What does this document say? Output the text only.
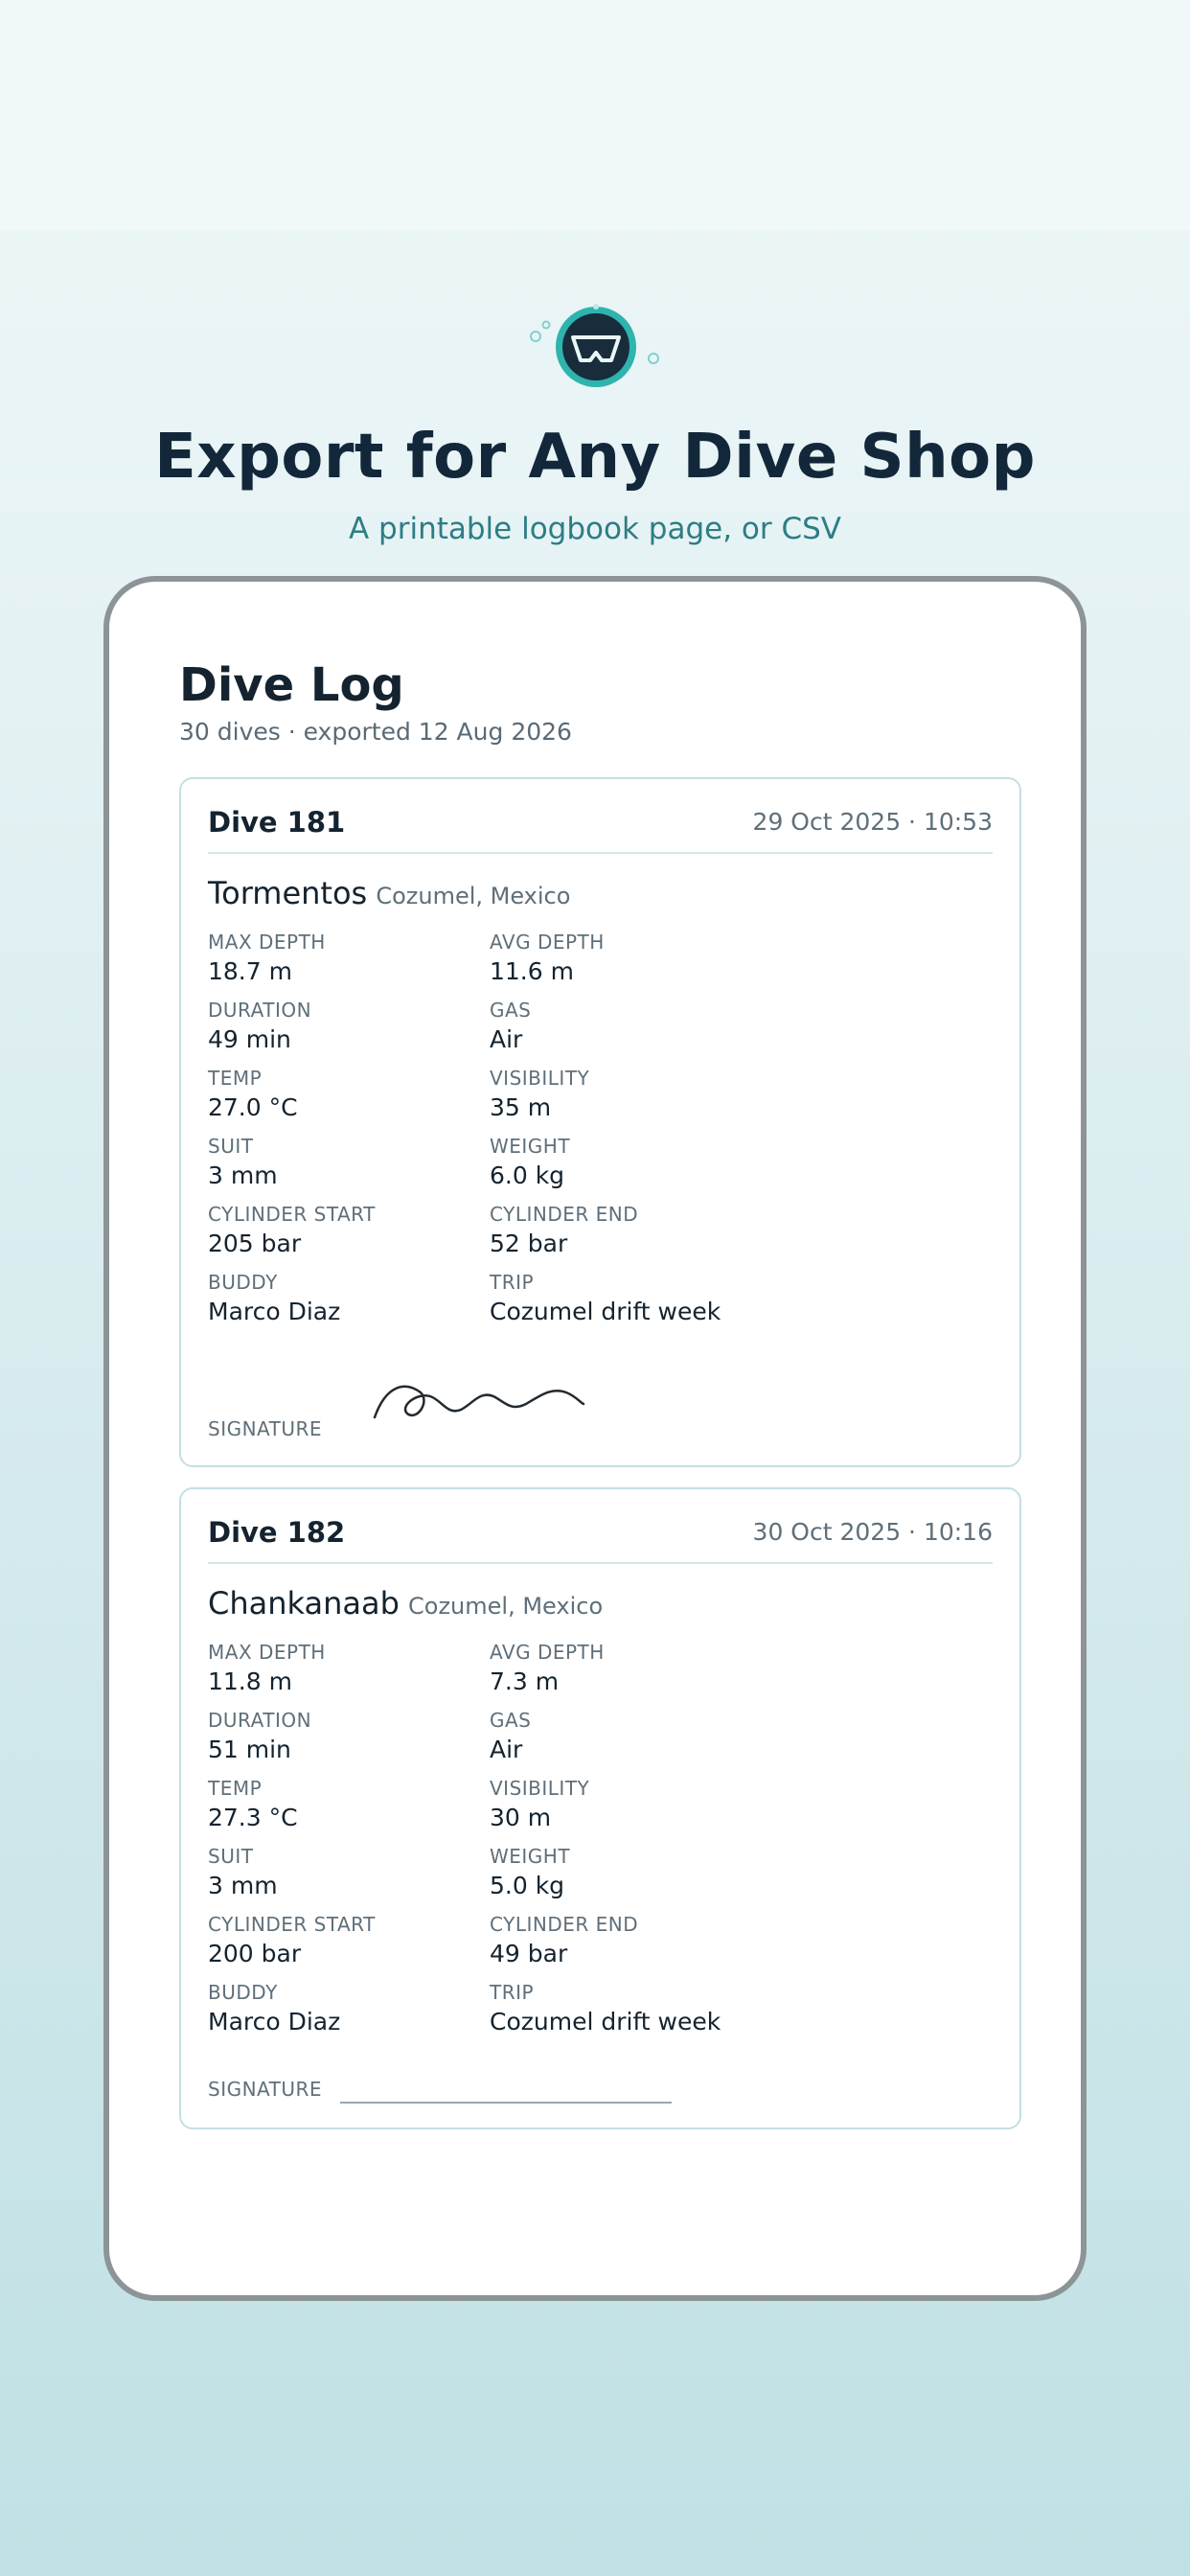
Export for Any Dive Shop
A printable logbook page, or CSV
Dive Log
30 dives · exported 12 Aug 2026
Dive 181	29 Oct 2025 · 10:53
Tormentos Cozumel, Mexico
MAX DEPTH
18.7 m
AVG DEPTH
11.6 m
DURATION
49 min
GAS
Air
TEMP
27.0 °C
VISIBILITY
35 m
SUIT
3 mm
WEIGHT
6.0 kg
CYLINDER START
205 bar
CYLINDER END
52 bar
BUDDY
Marco Diaz
TRIP
Cozumel drift week
SIGNATURE
Dive 182	30 Oct 2025 · 10:16
Chankanaab Cozumel, Mexico
MAX DEPTH
11.8 m
AVG DEPTH
7.3 m
DURATION
51 min
GAS
Air
TEMP
27.3 °C
VISIBILITY
30 m
SUIT
3 mm
WEIGHT
5.0 kg
CYLINDER START
200 bar
CYLINDER END
49 bar
BUDDY
Marco Diaz
TRIP
Cozumel drift week
SIGNATURE
